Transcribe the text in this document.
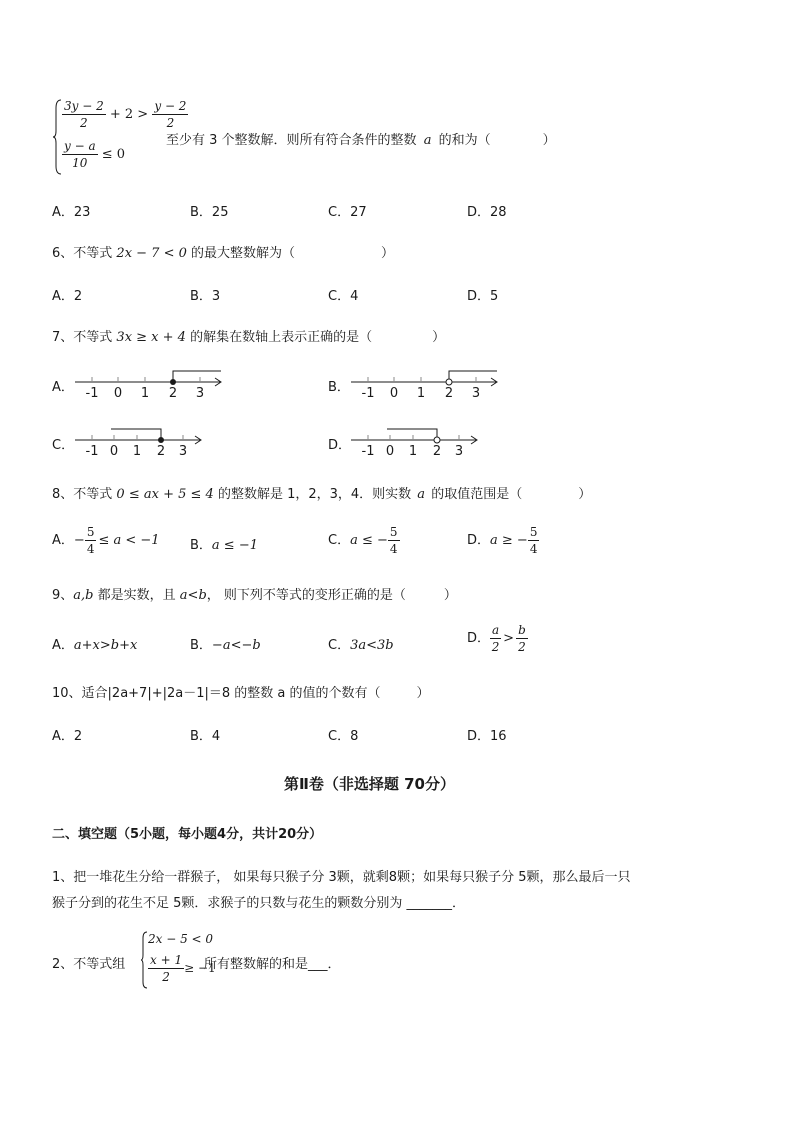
$\frac{3y - 2}{2} + 2 > \frac{y - 2}{2}$
$\frac{y - a}{10} \le 0$
至少有 3 个整数解．则所有符合条件的整数 a 的和为（	）
A．23	B．25	C．27	D．28
6、不等式 2x − 7 < 0 的最大整数解为（	）
A．2	B．3	C．4	D．5
7、不等式 3x ≥ x + 4 的解集在数轴上表示正确的是（	）
A． -1 0 1 2 3	B． -1 0 1 2 3
C． -1 0 1 2 3	D． -1 0 1 2 3
8、不等式 0 ≤ ax + 5 ≤ 4 的整数解是 1，2，3，4．则实数 a 的取值范围是（	）
A．− $\frac{5}{4} \le a < -1$ B．a ≤ −1	C．a ≤ − $\frac{5}{4}$	D．a ≥ − $\frac{5}{4}$
9、a,b 都是实数，且 a<b， 则下列不等式的变形正确的是（	）
A．a+x>b+x	B．−a<−b	C．3a<3b	D． $\frac{a}{2} > \frac{b}{2}$
10、适合|2a+7|+|2a－1|＝8 的整数 a 的值的个数有（	）
A．2	B．4	C．8	D．16
第Ⅱ卷（非选择题 70分）
二、填空题（5小题，每小题4分，共计20分）
1、把一堆花生分给一群猴子， 如果每只猴子分 3颗，就剩8颗；如果每只猴子分 5颗，那么最后一只
猴子分到的花生不足 5颗．求猴子的只数与花生的颗数分别为 _______．
2、不等式组
2x − 5 < 0
$\frac{x + 1}{2} \ge -1$
所有整数解的和是___．
